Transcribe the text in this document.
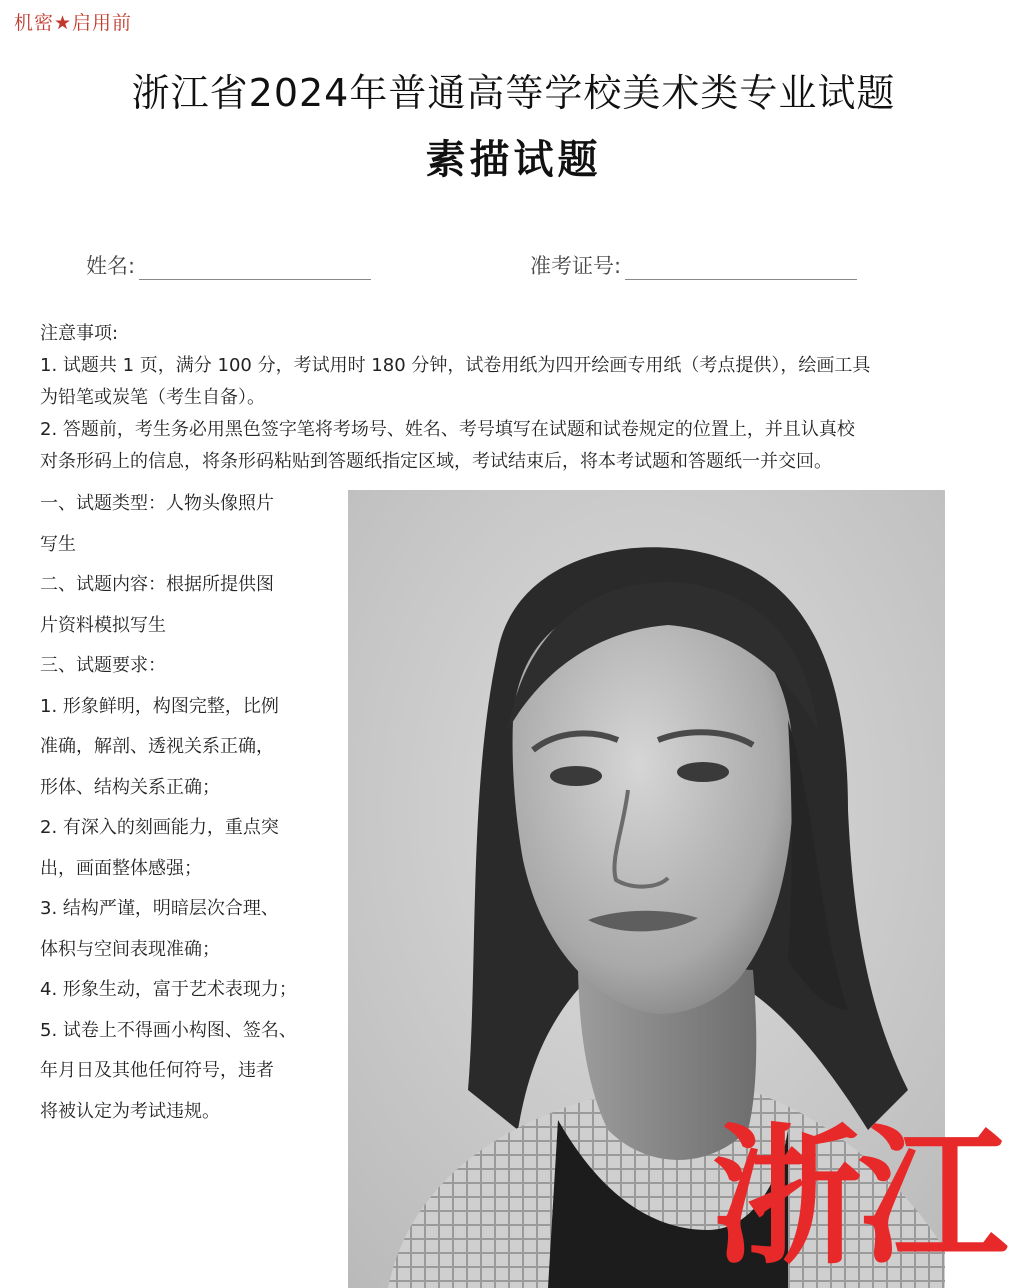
机密★启用前
浙江省2024年普通高等学校美术类专业试题
素描试题
姓名:	准考证号:

注意事项:

1. 试题共 1 页，满分 100 分，考试用时 180 分钟，试卷用纸为四开绘画专用纸（考点提供），绘画工具

为铅笔或炭笔（考生自备）。

2. 答题前，考生务必用黑色签字笔将考场号、姓名、考号填写在试题和试卷规定的位置上，并且认真校

对条形码上的信息，将条形码粘贴到答题纸指定区域，考试结束后，将本考试题和答题纸一并交回。

一、试题类型：人物头像照片

写生

二、试题内容：根据所提供图

片资料模拟写生

三、试题要求：

1. 形象鲜明，构图完整，比例

准确，解剖、透视关系正确，

形体、结构关系正确；

2. 有深入的刻画能力，重点突

出，画面整体感强；

3. 结构严谨，明暗层次合理、

体积与空间表现准确；

4. 形象生动，富于艺术表现力；

5. 试卷上不得画小构图、签名、

年月日及其他任何符号，违者

将被认定为考试违规。	浙江
